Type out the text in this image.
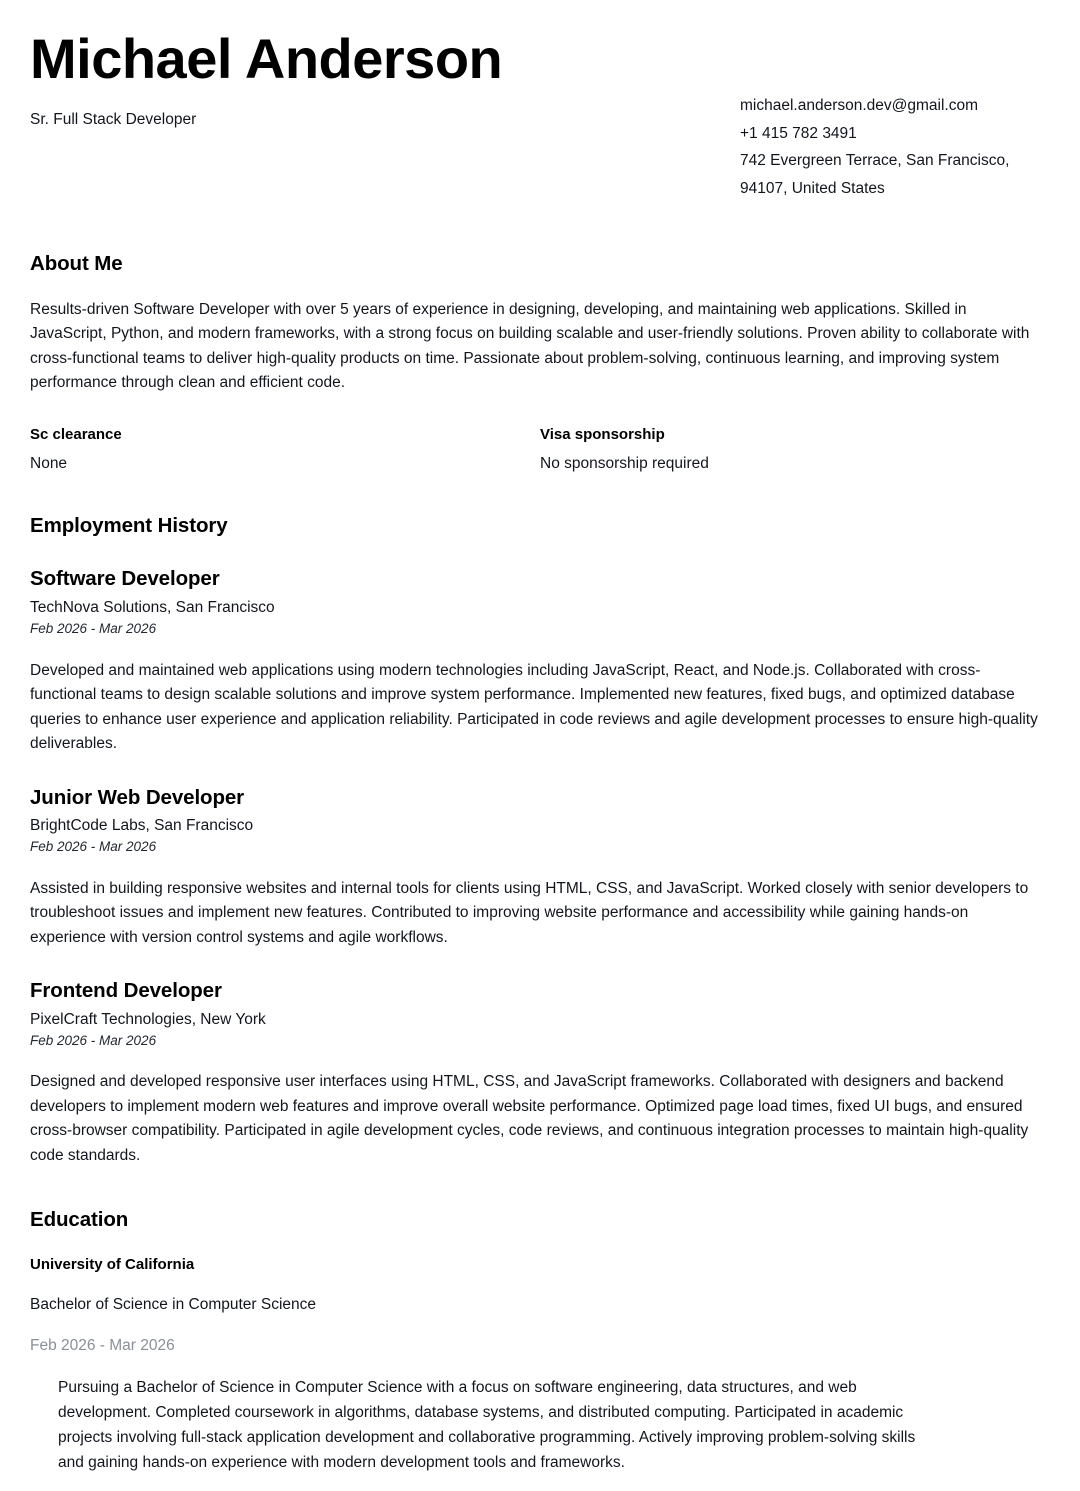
Michael Anderson
Sr. Full Stack Developer
michael.anderson.dev@gmail.com
+1 415 782 3491
742 Evergreen Terrace, San Francisco, 94107, United States
About Me

Results-driven Software Developer with over 5 years of experience in designing, developing, and maintaining web applications. Skilled in JavaScript, Python, and modern frameworks, with a strong focus on building scalable and user-friendly solutions. Proven ability to collaborate with cross-functional teams to deliver high-quality products on time. Passionate about problem-solving, continuous learning, and improving system performance through clean and efficient code.

Sc clearance
None
Visa sponsorship
No sponsorship required
Employment History
Software Developer
TechNova Solutions, San Francisco
Feb 2026 - Mar 2026

Developed and maintained web applications using modern technologies including JavaScript, React, and Node.js. Collaborated with cross-functional teams to design scalable solutions and improve system performance. Implemented new features, fixed bugs, and optimized database queries to enhance user experience and application reliability. Participated in code reviews and agile development processes to ensure high-quality deliverables.

Junior Web Developer
BrightCode Labs, San Francisco
Feb 2026 - Mar 2026

Assisted in building responsive websites and internal tools for clients using HTML, CSS, and JavaScript. Worked closely with senior developers to troubleshoot issues and implement new features. Contributed to improving website performance and accessibility while gaining hands-on experience with version control systems and agile workflows.

Frontend Developer
PixelCraft Technologies, New York
Feb 2026 - Mar 2026

Designed and developed responsive user interfaces using HTML, CSS, and JavaScript frameworks. Collaborated with designers and backend developers to implement modern web features and improve overall website performance. Optimized page load times, fixed UI bugs, and ensured cross-browser compatibility. Participated in agile development cycles, code reviews, and continuous integration processes to maintain high-quality code standards.

Education
University of California
Bachelor of Science in Computer Science
Feb 2026 - Mar 2026

Pursuing a Bachelor of Science in Computer Science with a focus on software engineering, data structures, and web development. Completed coursework in algorithms, database systems, and distributed computing. Participated in academic projects involving full-stack application development and collaborative programming. Actively improving problem-solving skills and gaining hands-on experience with modern development tools and frameworks.
